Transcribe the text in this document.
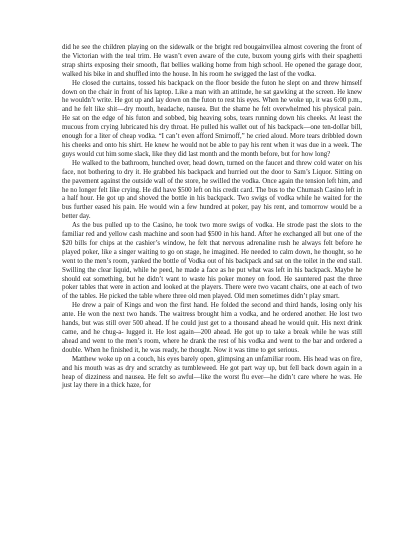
did he see the children playing on the sidewalk or the bright red bougainvillea almost covering the front of the Victorian with the teal trim. He wasn’t even aware of the cute, buxom young girls with their spaghetti strap shirts exposing their smooth, flat bellies walking home from high school. He opened the garage door, walked his bike in and shuffled into the house. In his room he swigged the last of the vodka.

He closed the curtains, tossed his backpack on the floor beside the futon he slept on and threw himself down on the chair in front of his laptop. Like a man with an attitude, he sat gawking at the screen. He knew he wouldn’t write. He got up and lay down on the futon to rest his eyes. When he woke up, it was 6:00 p.m., and he felt like shit—dry mouth, headache, nausea. But the shame he felt overwhelmed his physical pain. He sat on the edge of his futon and sobbed, big heaving sobs, tears running down his cheeks. At least the mucous from crying lubricated his dry throat. He pulled his wallet out of his backpack—one ten-dollar bill, enough for a liter of cheap vodka. “I can’t even afford Smirnoff,” he cried aloud. More tears dribbled down his cheeks and onto his shirt. He knew he would not be able to pay his rent when it was due in a week. The guys would cut him some slack, like they did last month and the month before, but for how long?

He walked to the bathroom, hunched over, head down, turned on the faucet and threw cold water on his face, not bothering to dry it. He grabbed his backpack and hurried out the door to Sam’s Liquor. Sitting on the pavement against the outside wall of the store, he swilled the vodka. Once again the tension left him, and he no longer felt like crying. He did have $500 left on his credit card. The bus to the Chumash Casino left in a half hour. He got up and shoved the bottle in his backpack. Two swigs of vodka while he waited for the bus further eased his pain. He would win a few hundred at poker, pay his rent, and tomorrow would be a better day.

As the bus pulled up to the Casino, he took two more swigs of vodka. He strode past the slots to the familiar red and yellow cash machine and soon had $500 in his hand. After he exchanged all but one of the $20 bills for chips at the cashier’s window, he felt that nervous adrenaline rush he always felt before he played poker, like a singer waiting to go on stage, he imagined. He needed to calm down, he thought, so he went to the men’s room, yanked the bottle of Vodka out of his backpack and sat on the toilet in the end stall. Swilling the clear liquid, while he peed, he made a face as he put what was left in his backpack. Maybe he should eat something, but he didn’t want to waste his poker money on food. He sauntered past the three poker tables that were in action and looked at the players. There were two vacant chairs, one at each of two of the tables. He picked the table where three old men played. Old men sometimes didn’t play smart.

He drew a pair of Kings and won the first hand. He folded the second and third hands, losing only his ante. He won the next two hands. The waitress brought him a vodka, and he ordered another. He lost two hands, but was still over 500 ahead. If he could just get to a thousand ahead he would quit. His next drink came, and he chug-a- lugged it. He lost again—200 ahead. He got up to take a break while he was still ahead and went to the men’s room, where he drank the rest of his vodka and went to the bar and ordered a double. When he finished it, he was ready, he thought. Now it was time to get serious.

Matthew woke up on a couch, his eyes barely open, glimpsing an unfamiliar room. His head was on fire, and his mouth was as dry and scratchy as tumbleweed. He got part way up, but fell back down again in a heap of dizziness and nausea. He felt so awful—like the worst flu ever—he didn’t care where he was. He just lay there in a thick haze, for
